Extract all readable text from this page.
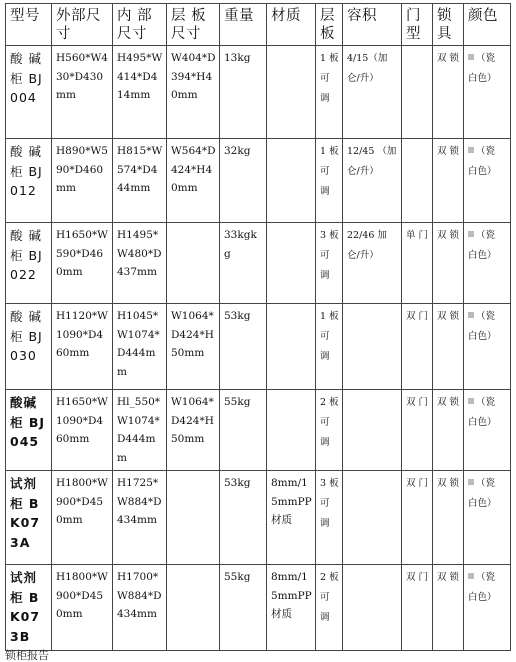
型号	外部尺寸	内 部 尺寸	层 板 尺寸	重量	材质	层 板	容积	门 型	锁 具	颜色
酸 碱 柜 BJ004	H560*W430*D430mm	H495*W414*D414mm	W404*D394*H40mm	13kg		1 板 可 调	4/15（加仑/升）		双 锁	（瓷 白色）
酸 碱 柜 BJ012	H890*W590*D460mm	H815*W574*D444mm	W564*D424*H40mm	32kg		1 板 可 调	12/45 （加仑/升）		双 锁	（瓷 白色）
酸 碱 柜 BJ022	H1650*W590*D460mm	H1495*W480*D437mm		33kgkg		3 板 可 调	22/46 加仑/升）	单 门	双 锁	（瓷 白色）
酸 碱 柜 BJ030	H1120*W1090*D460mm	H1045*W1074*D444mm	W1064*D424*H50mm	53kg		1 板 可 调		双 门	双 锁	（瓷 白色）
酸碱 柜 BJ045	H1650*W1090*D460mm	Hl_550*W1074*D444mm	W1064*D424*H50mm	55kg		2 板 可 调		双 门	双 锁	（瓷 白色）
试剂 柜 BK073A	H1800*W900*D450mm	H1725*W884*D434mm		53kg	8mm/15mmPP 材质	3 板 可 调		双 门	双 锁	（瓷 白色）
试剂 柜 BK073B	H1800*W900*D450mm	H1700*W884*D434mm		55kg	8mm/15mmPP 材质	2 板 可 调		双 门	双 锁	（瓷 白色）
锁柜报告
